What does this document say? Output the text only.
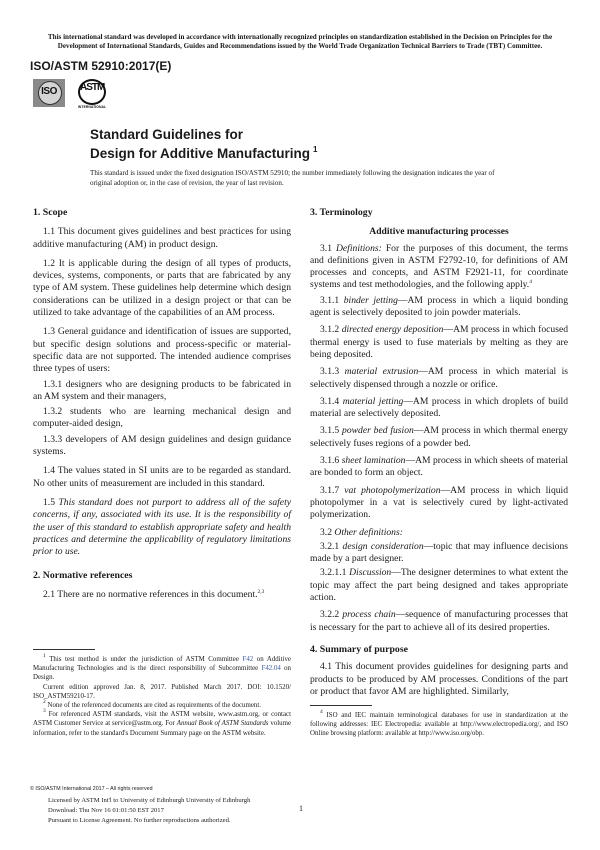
This international standard was developed in accordance with internationally recognized principles on standardization established in the Decision on Principles for the Development of International Standards, Guides and Recommendations issued by the World Trade Organization Technical Barriers to Trade (TBT) Committee.
ISO/ASTM 52910:2017(E)
ISO	ASTM
INTERNATIONAL
Standard Guidelines for
Design for Additive Manufacturing $^1$
This standard is issued under the fixed designation ISO/ASTM 52910; the number immediately following the designation indicates the year of original adoption or, in the case of revision, the year of last revision.
1. Scope

1.1 This document gives guidelines and best practices for using additive manufacturing (AM) in product design.

1.2 It is applicable during the design of all types of products, devices, systems, components, or parts that are fabricated by any type of AM system. These guidelines help determine which design considerations can be utilized in a design project or that can be utilized to take advantage of the capabilities of an AM process.

1.3 General guidance and identification of issues are supported, but specific design solutions and process-specific or material-specific data are not supported. The intended audience comprises three types of users:

1.3.1 designers who are designing products to be fabricated in an AM system and their managers,

1.3.2 students who are learning mechanical design and computer-aided design,

1.3.3 developers of AM design guidelines and design guidance systems.

1.4 The values stated in SI units are to be regarded as standard. No other units of measurement are included in this standard.

1.5 This standard does not purport to address all of the safety concerns, if any, associated with its use. It is the responsibility of the user of this standard to establish appropriate safety and health practices and determine the applicability of regulatory limitations prior to use.

2. Normative references

2.1 There are no normative references in this document.$^{2,3}$

$^1$ This test method is under the jurisdiction of ASTM Committee F42 on Additive Manufacturing Technologies and is the direct responsibility of Subcommittee F42.04 on Design.

Current edition approved Jan. 8, 2017. Published March 2017. DOI: 10.1520/ ISO_ASTM59210-17.

$^2$ None of the referenced documents are cited as requirements of the document.

$^3$ For referenced ASTM standards, visit the ASTM website, www.astm.org, or contact ASTM Customer Service at service@astm.org. For Annual Book of ASTM Standards volume information, refer to the standard's Document Summary page on the ASTM website.

3. Terminology
Additive manufacturing processes

3.1 Definitions: For the purposes of this document, the terms and definitions given in ASTM F2792-10, for definitions of AM processes and concepts, and ASTM F2921-11, for coordinate systems and test methodologies, and the following apply.$^4$

3.1.1 binder jetting—AM process in which a liquid bonding agent is selectively deposited to join powder materials.

3.1.2 directed energy deposition—AM process in which focused thermal energy is used to fuse materials by melting as they are being deposited.

3.1.3 material extrusion—AM process in which material is selectively dispensed through a nozzle or orifice.

3.1.4 material jetting—AM process in which droplets of build material are selectively deposited.

3.1.5 powder bed fusion—AM process in which thermal energy selectively fuses regions of a powder bed.

3.1.6 sheet lamination—AM process in which sheets of material are bonded to form an object.

3.1.7 vat photopolymerization—AM process in which liquid photopolymer in a vat is selectively cured by light-activated polymerization.

3.2 Other definitions:

3.2.1 design consideration—topic that may influence decisions made by a part designer.

3.2.1.1 Discussion—The designer determines to what extent the topic may affect the part being designed and takes appropriate action.

3.2.2 process chain—sequence of manufacturing processes that is necessary for the part to achieve all of its desired properties.

4. Summary of purpose

4.1 This document provides guidelines for designing parts and products to be produced by AM processes. Conditions of the part or product that favor AM are highlighted. Similarly,

$^4$ ISO and IEC maintain terminological databases for use in standardization at the following addresses: IEC Electropedia: available at http://www.electropedia.org/, and ISO Online browsing platform: available at http://www.iso.org/obp.

© ISO/ASTM International 2017 – All rights reserved
Licensed by ASTM Int'l to University of Edinburgh University of Edinburgh
Download: Thu Nov 16 01:01:50 EST 2017
Pursuant to License Agreement. No further reproductions authorized.
1
